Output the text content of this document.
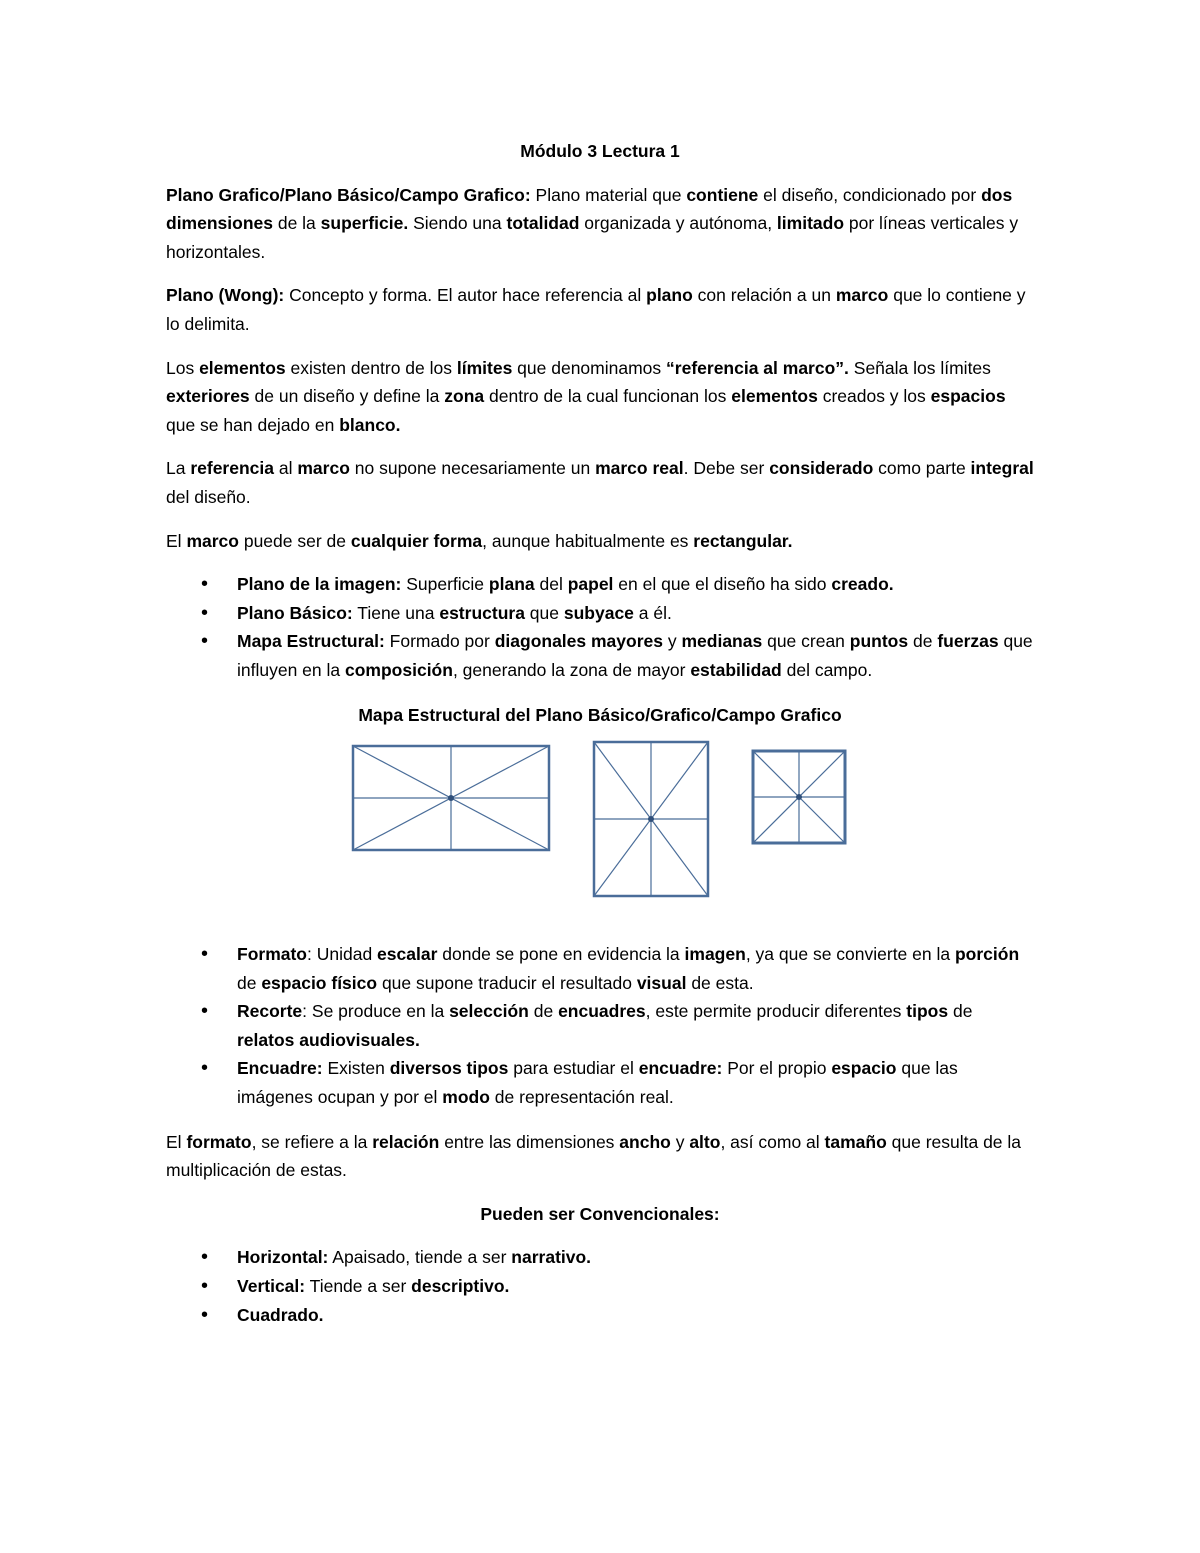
Módulo 3 Lectura 1

Plano Grafico/Plano Básico/Campo Grafico: Plano material que contiene el diseño, condicionado por dos dimensiones de la superficie. Siendo una totalidad organizada y autónoma, limitado por líneas verticales y horizontales.

Plano (Wong): Concepto y forma. El autor hace referencia al plano con relación a un marco que lo contiene y lo delimita.

Los elementos existen dentro de los límites que denominamos “referencia al marco”. Señala los límites exteriores de un diseño y define la zona dentro de la cual funcionan los elementos creados y los espacios que se han dejado en blanco.

La referencia al marco no supone necesariamente un marco real. Debe ser considerado como parte integral del diseño.

El marco puede ser de cualquier forma, aunque habitualmente es rectangular.

• Plano de la imagen: Superficie plana del papel en el que el diseño ha sido creado.
• Plano Básico: Tiene una estructura que subyace a él.
• Mapa Estructural: Formado por diagonales mayores y medianas que crean puntos de fuerzas que influyen en la composición, generando la zona de mayor estabilidad del campo.

Mapa Estructural del Plano Básico/Grafico/Campo Grafico

• Formato: Unidad escalar donde se pone en evidencia la imagen, ya que se convierte en la porción de espacio físico que supone traducir el resultado visual de esta.
• Recorte: Se produce en la selección de encuadres, este permite producir diferentes tipos de relatos audiovisuales.
• Encuadre: Existen diversos tipos para estudiar el encuadre: Por el propio espacio que las imágenes ocupan y por el modo de representación real.

El formato, se refiere a la relación entre las dimensiones ancho y alto, así como al tamaño que resulta de la multiplicación de estas.

Pueden ser Convencionales:

• Horizontal: Apaisado, tiende a ser narrativo.
• Vertical: Tiende a ser descriptivo.
• Cuadrado.
